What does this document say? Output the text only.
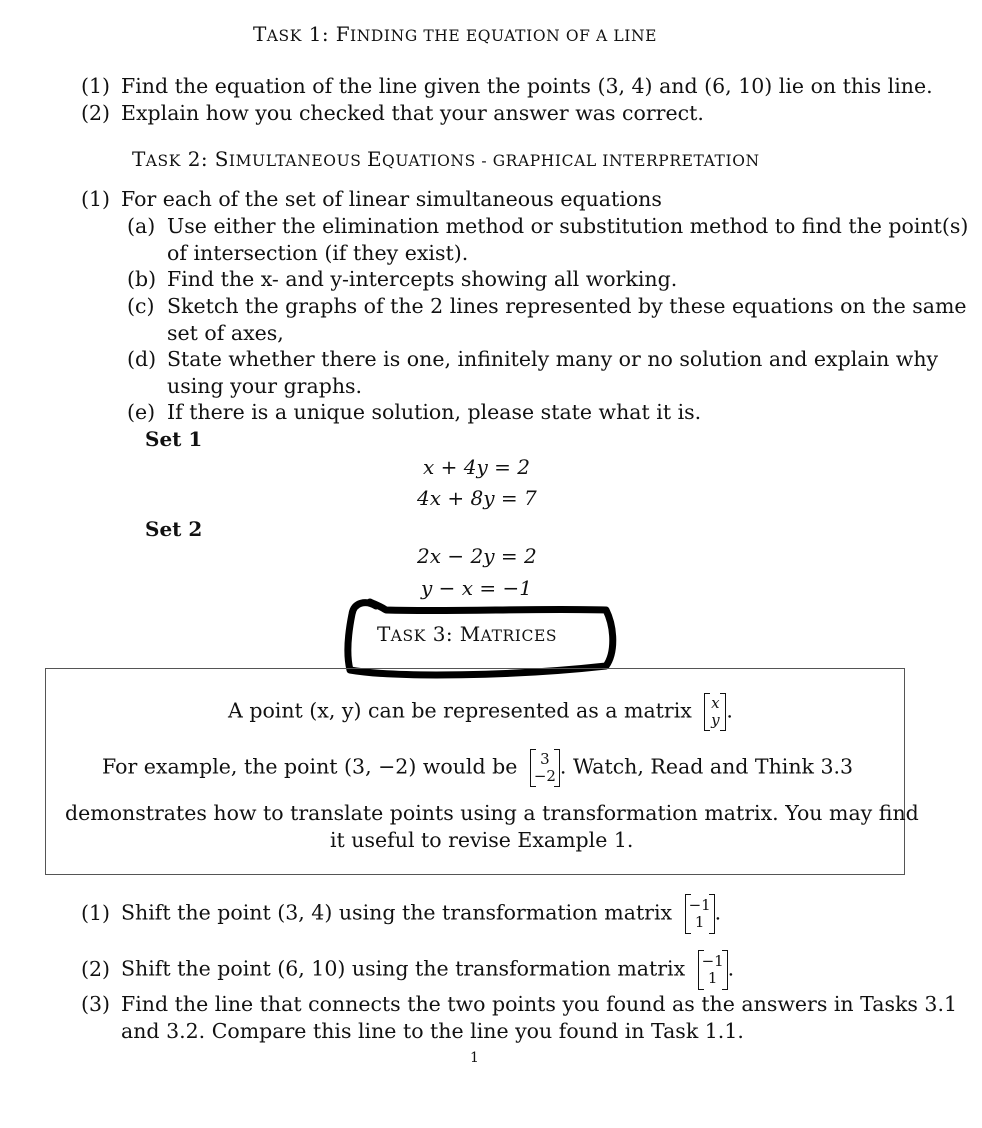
TASK 1: FINDING THE EQUATION OF A LINE
(1) Find the equation of the line given the points (3, 4) and (6, 10) lie on this line.
(2) Explain how you checked that your answer was correct.
TASK 2: SIMULTANEOUS EQUATIONS - GRAPHICAL INTERPRETATION
(1) For each of the set of linear simultaneous equations
(a) Use either the elimination method or substitution method to find the point(s)
of intersection (if they exist).
(b) Find the x- and y-intercepts showing all working.
(c) Sketch the graphs of the 2 lines represented by these equations on the same
set of axes,
(d) State whether there is one, infinitely many or no solution and explain why
using your graphs.
(e) If there is a unique solution, please state what it is.
Set 1
x + 4y = 2
4x + 8y = 7
Set 2
2x − 2y = 2
y − x = −1
TASK 3: MATRICES
A point (x, y) can be represented as a matrix	x
y .
For example, the point (3, −2) would be	3
−2 . Watch, Read and Think 3.3
demonstrates how to translate points using a transformation matrix. You may find
it useful to revise Example 1.
(1) Shift the point (3, 4) using the transformation matrix −1
1 .
(2) Shift the point (6, 10) using the transformation matrix −1
1 .
(3) Find the line that connects the two points you found as the answers in Tasks 3.1
and 3.2. Compare this line to the line you found in Task 1.1.
1
